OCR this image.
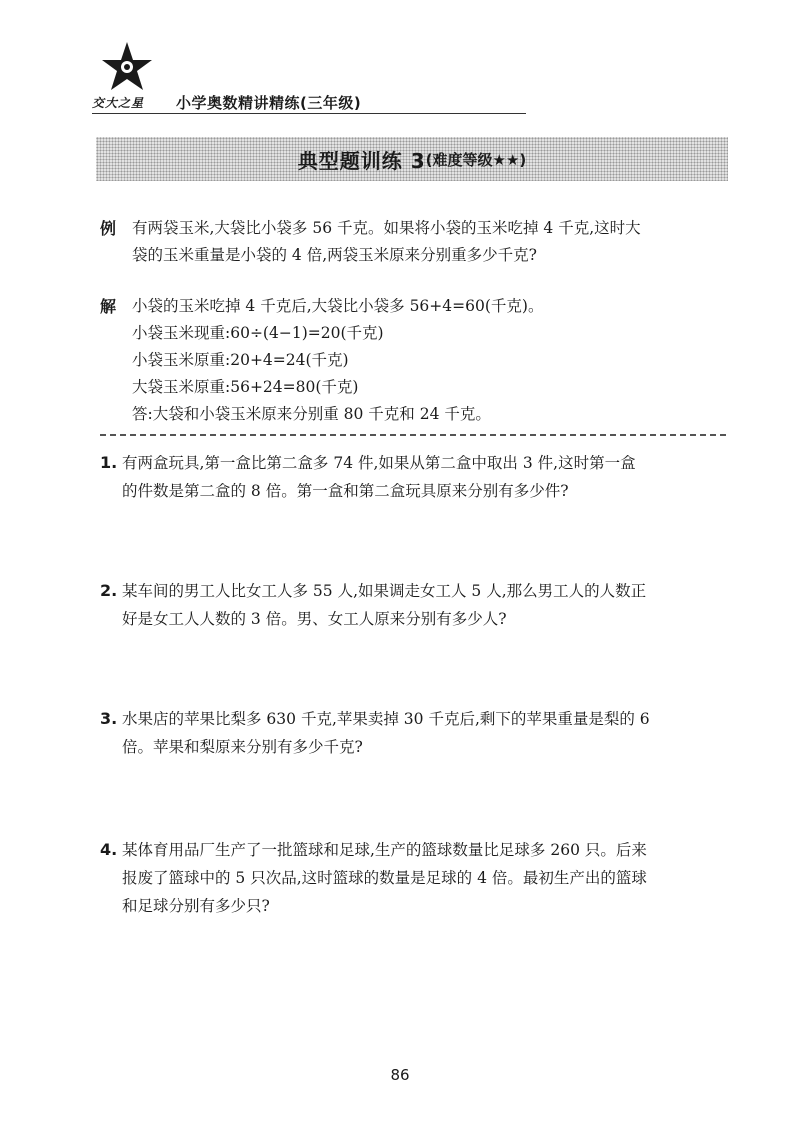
交大之星 小学奥数精讲精练(三年级)
典型题训练 3 (难度等级★★)
例 有两袋玉米,大袋比小袋多 56 千克。如果将小袋的玉米吃掉 4 千克,这时大
袋的玉米重量是小袋的 4 倍,两袋玉米原来分别重多少千克?
解 小袋的玉米吃掉 4 千克后,大袋比小袋多 56+4=60(千克)。
小袋玉米现重:60÷(4−1)=20(千克)
小袋玉米原重:20+4=24(千克)
大袋玉米原重:56+24=80(千克)
答:大袋和小袋玉米原来分别重 80 千克和 24 千克。
1. 有两盒玩具,第一盒比第二盒多 74 件,如果从第二盒中取出 3 件,这时第一盒
的件数是第二盒的 8 倍。第一盒和第二盒玩具原来分别有多少件?
2. 某车间的男工人比女工人多 55 人,如果调走女工人 5 人,那么男工人的人数正
好是女工人人数的 3 倍。男、女工人原来分别有多少人?
3. 水果店的苹果比梨多 630 千克,苹果卖掉 30 千克后,剩下的苹果重量是梨的 6
倍。苹果和梨原来分别有多少千克?
4. 某体育用品厂生产了一批篮球和足球,生产的篮球数量比足球多 260 只。后来
报废了篮球中的 5 只次品,这时篮球的数量是足球的 4 倍。最初生产出的篮球
和足球分别有多少只?
86
